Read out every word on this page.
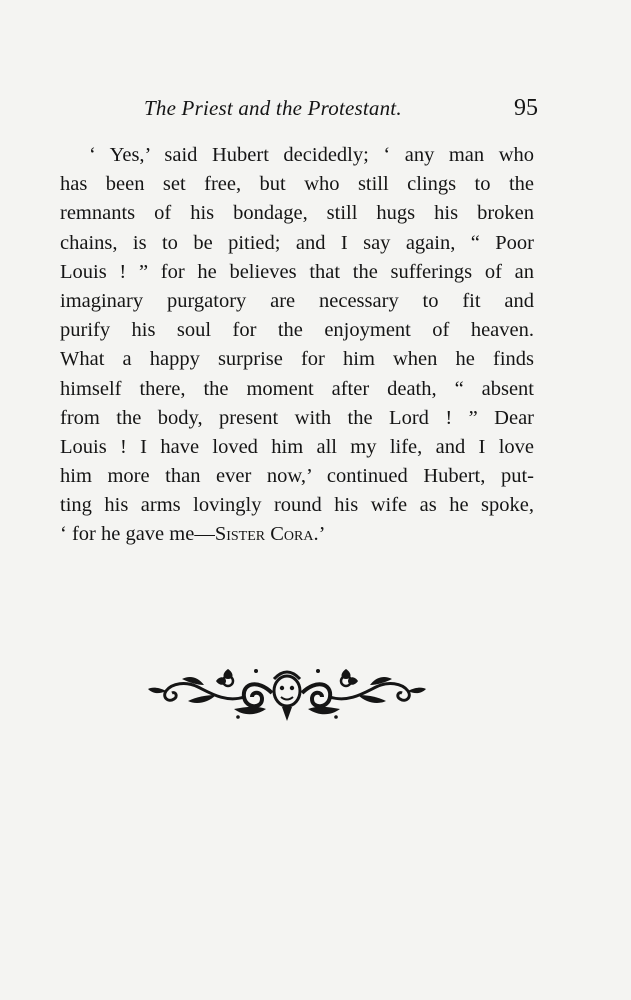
The Priest and the Protestant.	95
‘ Yes,’ said Hubert decidedly; ‘ any man who
has been set free, but who still clings to the
remnants of his bondage, still hugs his broken
chains, is to be pitied; and I say again, “ Poor
Louis ! ” for he believes that the sufferings of an
imaginary purgatory are necessary to fit and
purify his soul for the enjoyment of heaven.
What a happy surprise for him when he finds
himself there, the moment after death, “ absent
from the body, present with the Lord ! ” Dear
Louis ! I have loved him all my life, and I love
him more than ever now,’ continued Hubert, put-
ting his arms lovingly round his wife as he spoke,
‘ for he gave me—Sister Cora.’
